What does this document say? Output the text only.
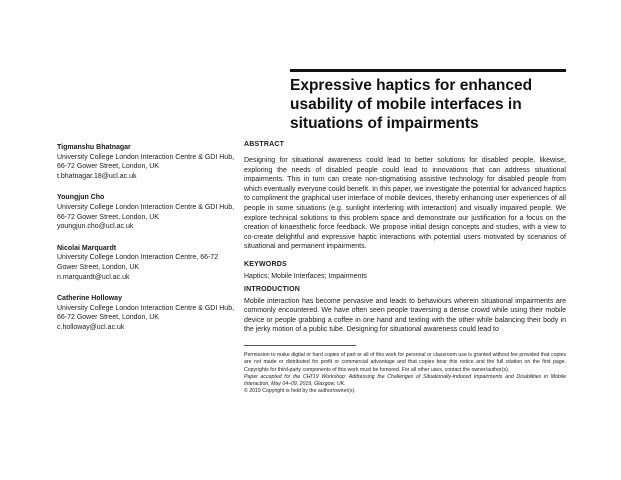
Expressive haptics for enhanced usability of mobile interfaces in situations of impairments
Tigmanshu Bhatnagar
University College London Interaction Centre & GDI Hub, 66-72 Gower Street, London, UK
t.bhatnagar.18@ucl.ac.uk
Youngjun Cho
University College London Interaction Centre & GDI Hub, 66-72 Gower Street, London, UK
youngjun.cho@ucl.ac.uk
Nicolai Marquardt
University College London Interaction Centre, 66-72 Gower Street, London, UK
n.marquardt@ucl.ac.uk
Catherine Holloway
University College London Interaction Centre & GDI Hub, 66-72 Gower Street, London, UK
c.holloway@ucl.ac.uk
ABSTRACT

Designing for situational awareness could lead to better solutions for disabled people, likewise, exploring the needs of disabled people could lead to innovations that can address situational impairments. This in turn can create non-stigmatising assistive technology for disabled people from which eventually everyone could benefit. In this paper, we investigate the potential for advanced haptics to compliment the graphical user interface of mobile devices, thereby enhancing user experiences of all people in some situations (e.g. sunlight interfering with interaction) and visually impaired people. We explore technical solutions to this problem space and demonstrate our justification for a focus on the creation of kinaesthetic force feedback. We propose initial design concepts and studies, with a view to co-create delightful and expressive haptic interactions with potential users motivated by scenarios of situational and permanent impairments.

KEYWORDS

Haptics; Mobile Interfaces; Impairments

INTRODUCTION

Mobile interaction has become pervasive and leads to behaviours wherein situational impairments are commonly encountered. We have often seen people traversing a dense crowd while using their mobile device or people grabbing a coffee in one hand and texting with the other while balancing their body in the jerky motion of a public tube. Designing for situational awareness could lead to

Permission to make digital or hard copies of part or all of this work for personal or classroom use is granted without fee provided that copies are not made or distributed for profit or commercial advantage and that copies bear this notice and the full citation on the first page. Copyrights for third-party components of this work must be honored. For all other uses, contact the owner/author(s).

Paper accepted for the CHI'19 Workshop: Addressing the Challenges of Situationally-Induced Impairments and Disabilities in Mobile Interaction, May 04–09, 2019, Glasgow, UK.

© 2019 Copyright is held by the author/owner(s).
